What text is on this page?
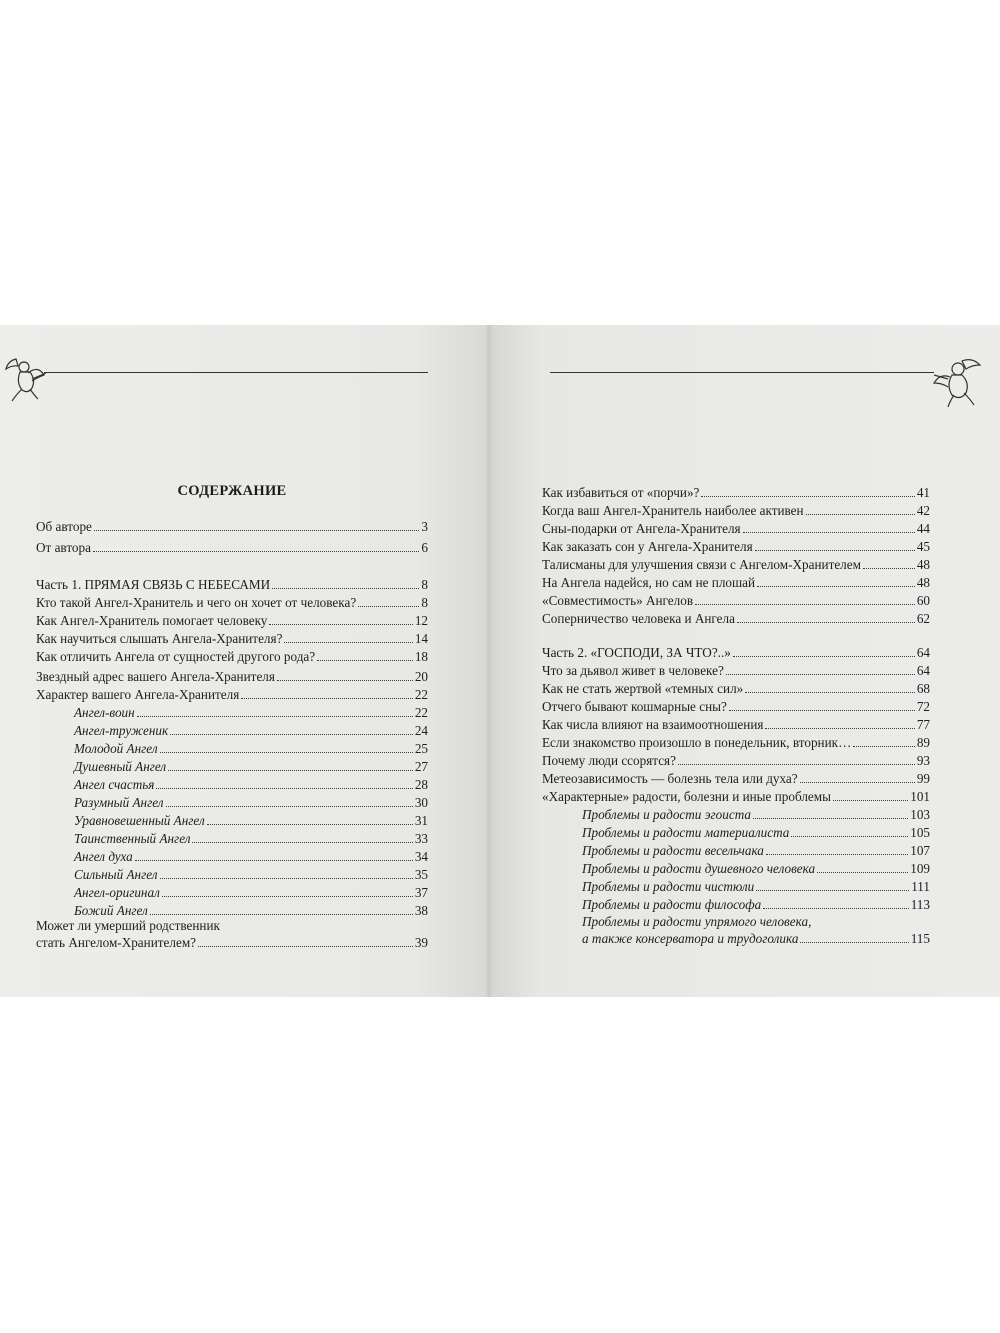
СОДЕРЖАНИЕ
Об авторе	3
От автора	6
Часть 1. ПРЯМАЯ СВЯЗЬ С НЕБЕСАМИ	8
Кто такой Ангел-Хранитель и чего он хочет от человека?	8
Как Ангел-Хранитель помогает человеку	12
Как научиться слышать Ангела-Хранителя?	14
Как отличить Ангела от сущностей другого рода?	18
Звездный адрес вашего Ангела-Хранителя	20
Характер вашего Ангела-Хранителя	22
Ангел-воин	22
Ангел-труженик	24
Молодой Ангел	25
Душевный Ангел	27
Ангел счастья	28
Разумный Ангел	30
Уравновешенный Ангел	31
Таинственный Ангел	33
Ангел духа	34
Сильный Ангел	35
Ангел-оригинал	37
Божий Ангел	38
Может ли умерший родственник
стать Ангелом-Хранителем?	39
Как избавиться от «порчи»?	41
Когда ваш Ангел-Хранитель наиболее активен	42
Сны-подарки от Ангела-Хранителя	44
Как заказать сон у Ангела-Хранителя	45
Талисманы для улучшения связи с Ангелом-Хранителем	48
На Ангела надейся, но сам не плошай	48
«Совместимость» Ангелов	60
Соперничество человека и Ангела	62
Часть 2. «ГОСПОДИ, ЗА ЧТО?..»	64
Что за дьявол живет в человеке?	64
Как не стать жертвой «темных сил»	68
Отчего бывают кошмарные сны?	72
Как числа влияют на взаимоотношения	77
Если знакомство произошло в понедельник, вторник…	89
Почему люди ссорятся?	93
Метеозависимость — болезнь тела или духа?	99
«Характерные» радости, болезни и иные проблемы	101
Проблемы и радости эгоиста	103
Проблемы и радости материалиста	105
Проблемы и радости весельчака	107
Проблемы и радости душевного человека	109
Проблемы и радости чистюли	111
Проблемы и радости философа	113
Проблемы и радости упрямого человека,
а также консерватора и трудоголика	115
